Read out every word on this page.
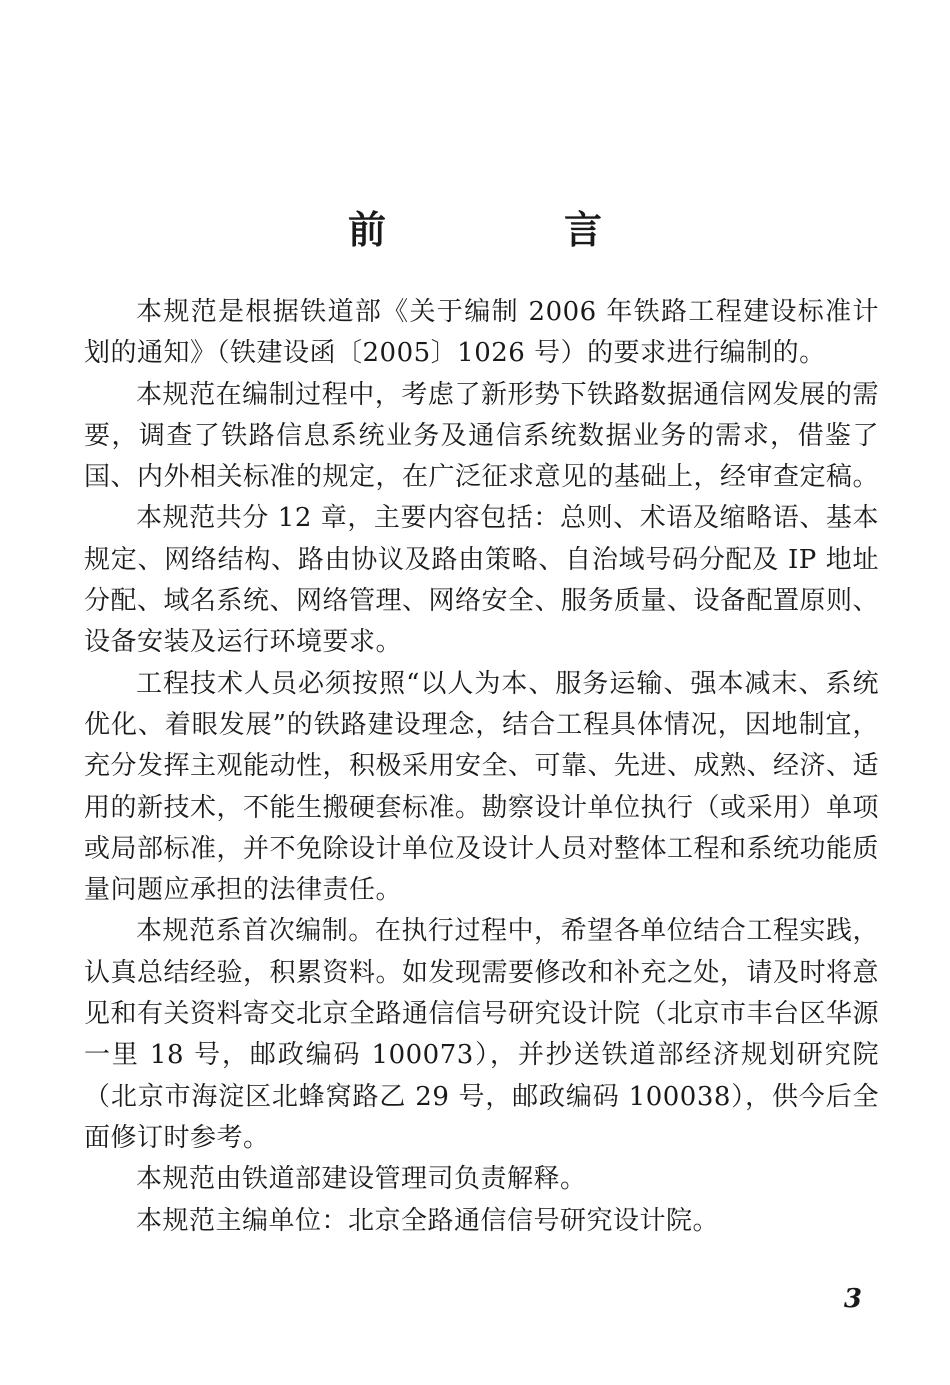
前　言

本规范是根据铁道部《关于编制 2006 年铁路工程建设标准计划的通知》（铁建设函〔2005〕1026 号）的要求进行编制的。

本规范在编制过程中，考虑了新形势下铁路数据通信网发展的需要，调查了铁路信息系统业务及通信系统数据业务的需求，借鉴了国、内外相关标准的规定，在广泛征求意见的基础上，经审查定稿。

本规范共分 12 章，主要内容包括：总则、术语及缩略语、基本规定、网络结构、路由协议及路由策略、自治域号码分配及 IP 地址分配、域名系统、网络管理、网络安全、服务质量、设备配置原则、设备安装及运行环境要求。

工程技术人员必须按照“以人为本、服务运输、强本减末、系统优化、着眼发展”的铁路建设理念，结合工程具体情况，因地制宜，充分发挥主观能动性，积极采用安全、可靠、先进、成熟、经济、适用的新技术，不能生搬硬套标准。勘察设计单位执行（或采用）单项或局部标准，并不免除设计单位及设计人员对整体工程和系统功能质量问题应承担的法律责任。

本规范系首次编制。在执行过程中，希望各单位结合工程实践，认真总结经验，积累资料。如发现需要修改和补充之处，请及时将意见和有关资料寄交北京全路通信信号研究设计院（北京市丰台区华源一里 18 号，邮政编码 100073），并抄送铁道部经济规划研究院（北京市海淀区北蜂窝路乙 29 号，邮政编码 100038），供今后全面修订时参考。

本规范由铁道部建设管理司负责解释。

本规范主编单位：北京全路通信信号研究设计院。

3
